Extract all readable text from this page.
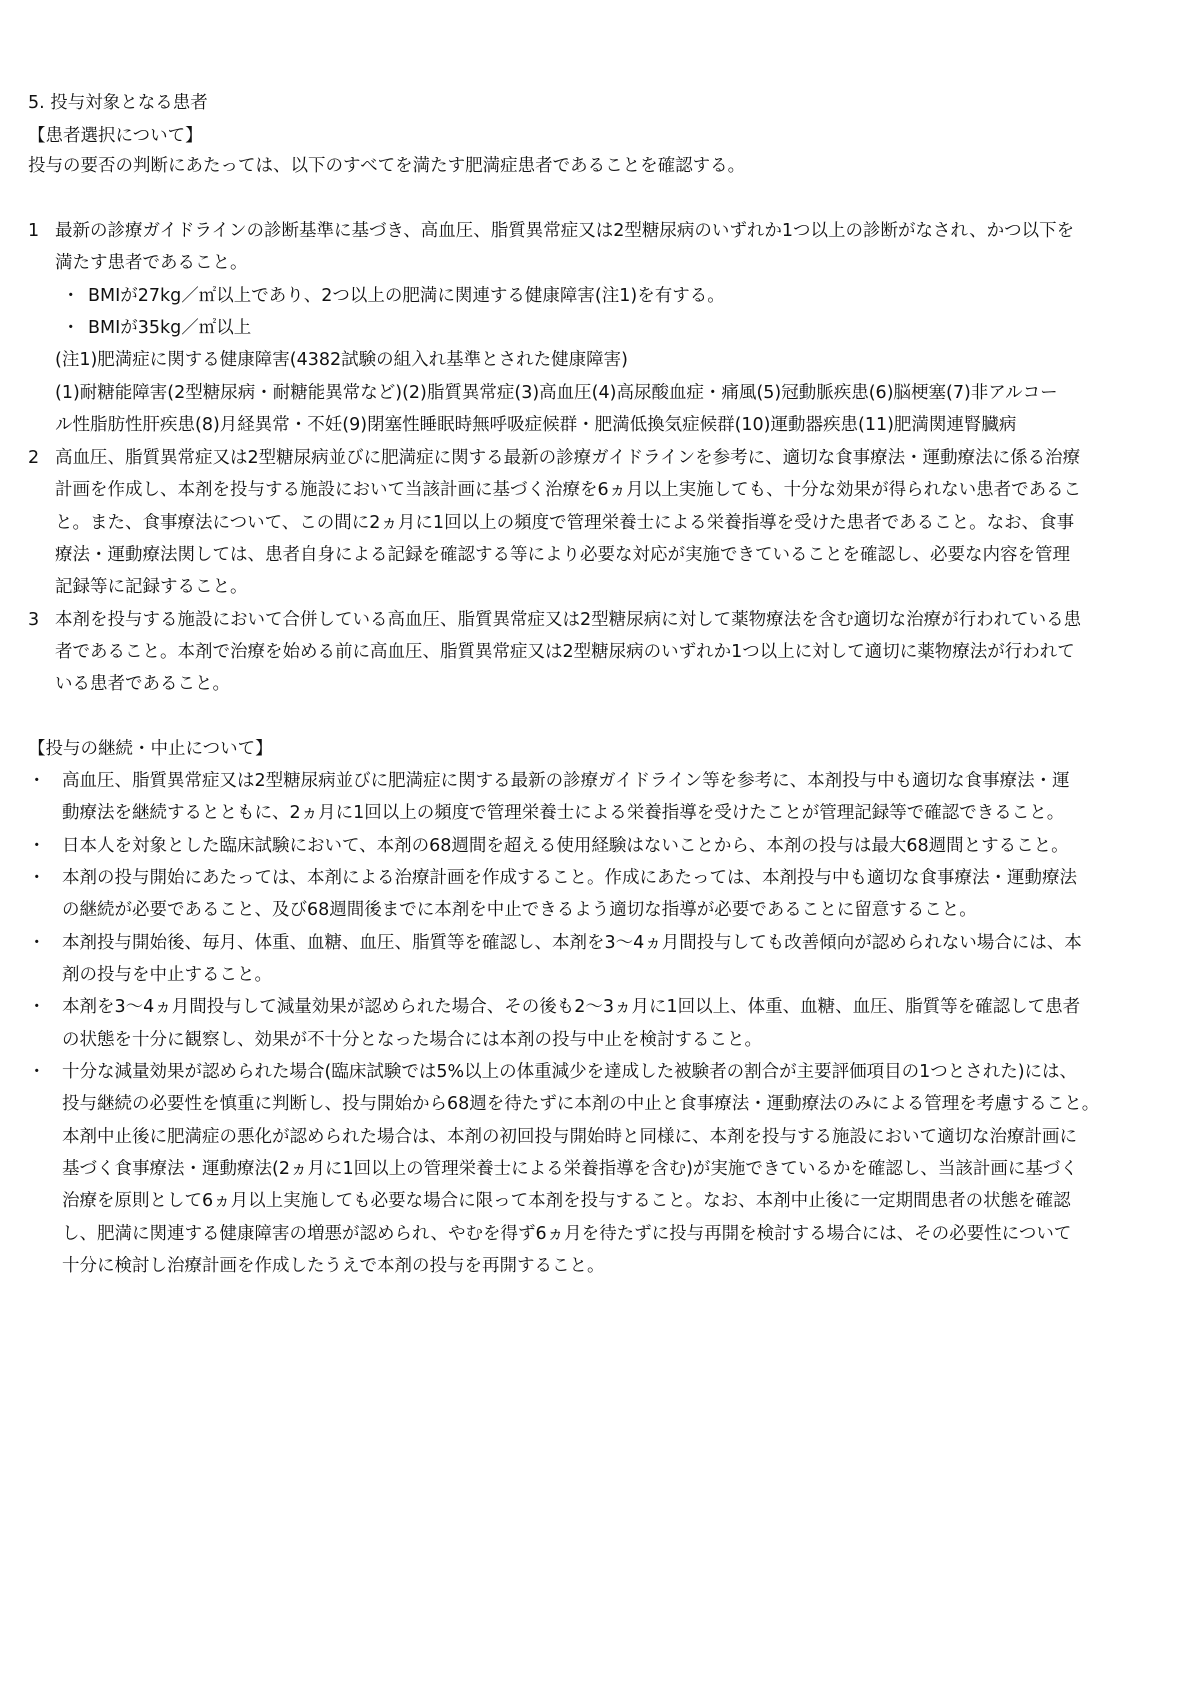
5. 投与対象となる患者
【患者選択について】
投与の要否の判断にあたっては、以下のすべてを満たす肥満症患者であることを確認する。
1 最新の診療ガイドラインの診断基準に基づき、高血圧、脂質異常症又は2型糖尿病のいずれか1つ以上の診断がなされ、かつ以下を
満たす患者であること。
・ BMIが27kg／㎡以上であり、2つ以上の肥満に関連する健康障害(注1)を有する。
・ BMIが35kg／㎡以上
(注1)肥満症に関する健康障害(4382試験の組入れ基準とされた健康障害)
(1)耐糖能障害(2型糖尿病・耐糖能異常など)(2)脂質異常症(3)高血圧(4)高尿酸血症・痛風(5)冠動脈疾患(6)脳梗塞(7)非アルコー
ル性脂肪性肝疾患(8)月経異常・不妊(9)閉塞性睡眠時無呼吸症候群・肥満低換気症候群(10)運動器疾患(11)肥満関連腎臓病
2 高血圧、脂質異常症又は2型糖尿病並びに肥満症に関する最新の診療ガイドラインを参考に、適切な食事療法・運動療法に係る治療
計画を作成し、本剤を投与する施設において当該計画に基づく治療を6ヵ月以上実施しても、十分な効果が得られない患者であるこ
と。また、食事療法について、この間に2ヵ月に1回以上の頻度で管理栄養士による栄養指導を受けた患者であること。なお、食事
療法・運動療法関しては、患者自身による記録を確認する等により必要な対応が実施できていることを確認し、必要な内容を管理
記録等に記録すること。
3 本剤を投与する施設において合併している高血圧、脂質異常症又は2型糖尿病に対して薬物療法を含む適切な治療が行われている患
者であること。本剤で治療を始める前に高血圧、脂質異常症又は2型糖尿病のいずれか1つ以上に対して適切に薬物療法が行われて
いる患者であること。
【投与の継続・中止について】
・ 高血圧、脂質異常症又は2型糖尿病並びに肥満症に関する最新の診療ガイドライン等を参考に、本剤投与中も適切な食事療法・運
動療法を継続するとともに、2ヵ月に1回以上の頻度で管理栄養士による栄養指導を受けたことが管理記録等で確認できること。
・ 日本人を対象とした臨床試験において、本剤の68週間を超える使用経験はないことから、本剤の投与は最大68週間とすること。
・ 本剤の投与開始にあたっては、本剤による治療計画を作成すること。作成にあたっては、本剤投与中も適切な食事療法・運動療法
の継続が必要であること、及び68週間後までに本剤を中止できるよう適切な指導が必要であることに留意すること。
・ 本剤投与開始後、毎月、体重、血糖、血圧、脂質等を確認し、本剤を3～4ヵ月間投与しても改善傾向が認められない場合には、本
剤の投与を中止すること。
・ 本剤を3～4ヵ月間投与して減量効果が認められた場合、その後も2～3ヵ月に1回以上、体重、血糖、血圧、脂質等を確認して患者
の状態を十分に観察し、効果が不十分となった場合には本剤の投与中止を検討すること。
・ 十分な減量効果が認められた場合(臨床試験では5%以上の体重減少を達成した被験者の割合が主要評価項目の1つとされた)には、
投与継続の必要性を慎重に判断し、投与開始から68週を待たずに本剤の中止と食事療法・運動療法のみによる管理を考慮すること。
本剤中止後に肥満症の悪化が認められた場合は、本剤の初回投与開始時と同様に、本剤を投与する施設において適切な治療計画に
基づく食事療法・運動療法(2ヵ月に1回以上の管理栄養士による栄養指導を含む)が実施できているかを確認し、当該計画に基づく
治療を原則として6ヵ月以上実施しても必要な場合に限って本剤を投与すること。なお、本剤中止後に一定期間患者の状態を確認
し、肥満に関連する健康障害の増悪が認められ、やむを得ず6ヵ月を待たずに投与再開を検討する場合には、その必要性について
十分に検討し治療計画を作成したうえで本剤の投与を再開すること。
